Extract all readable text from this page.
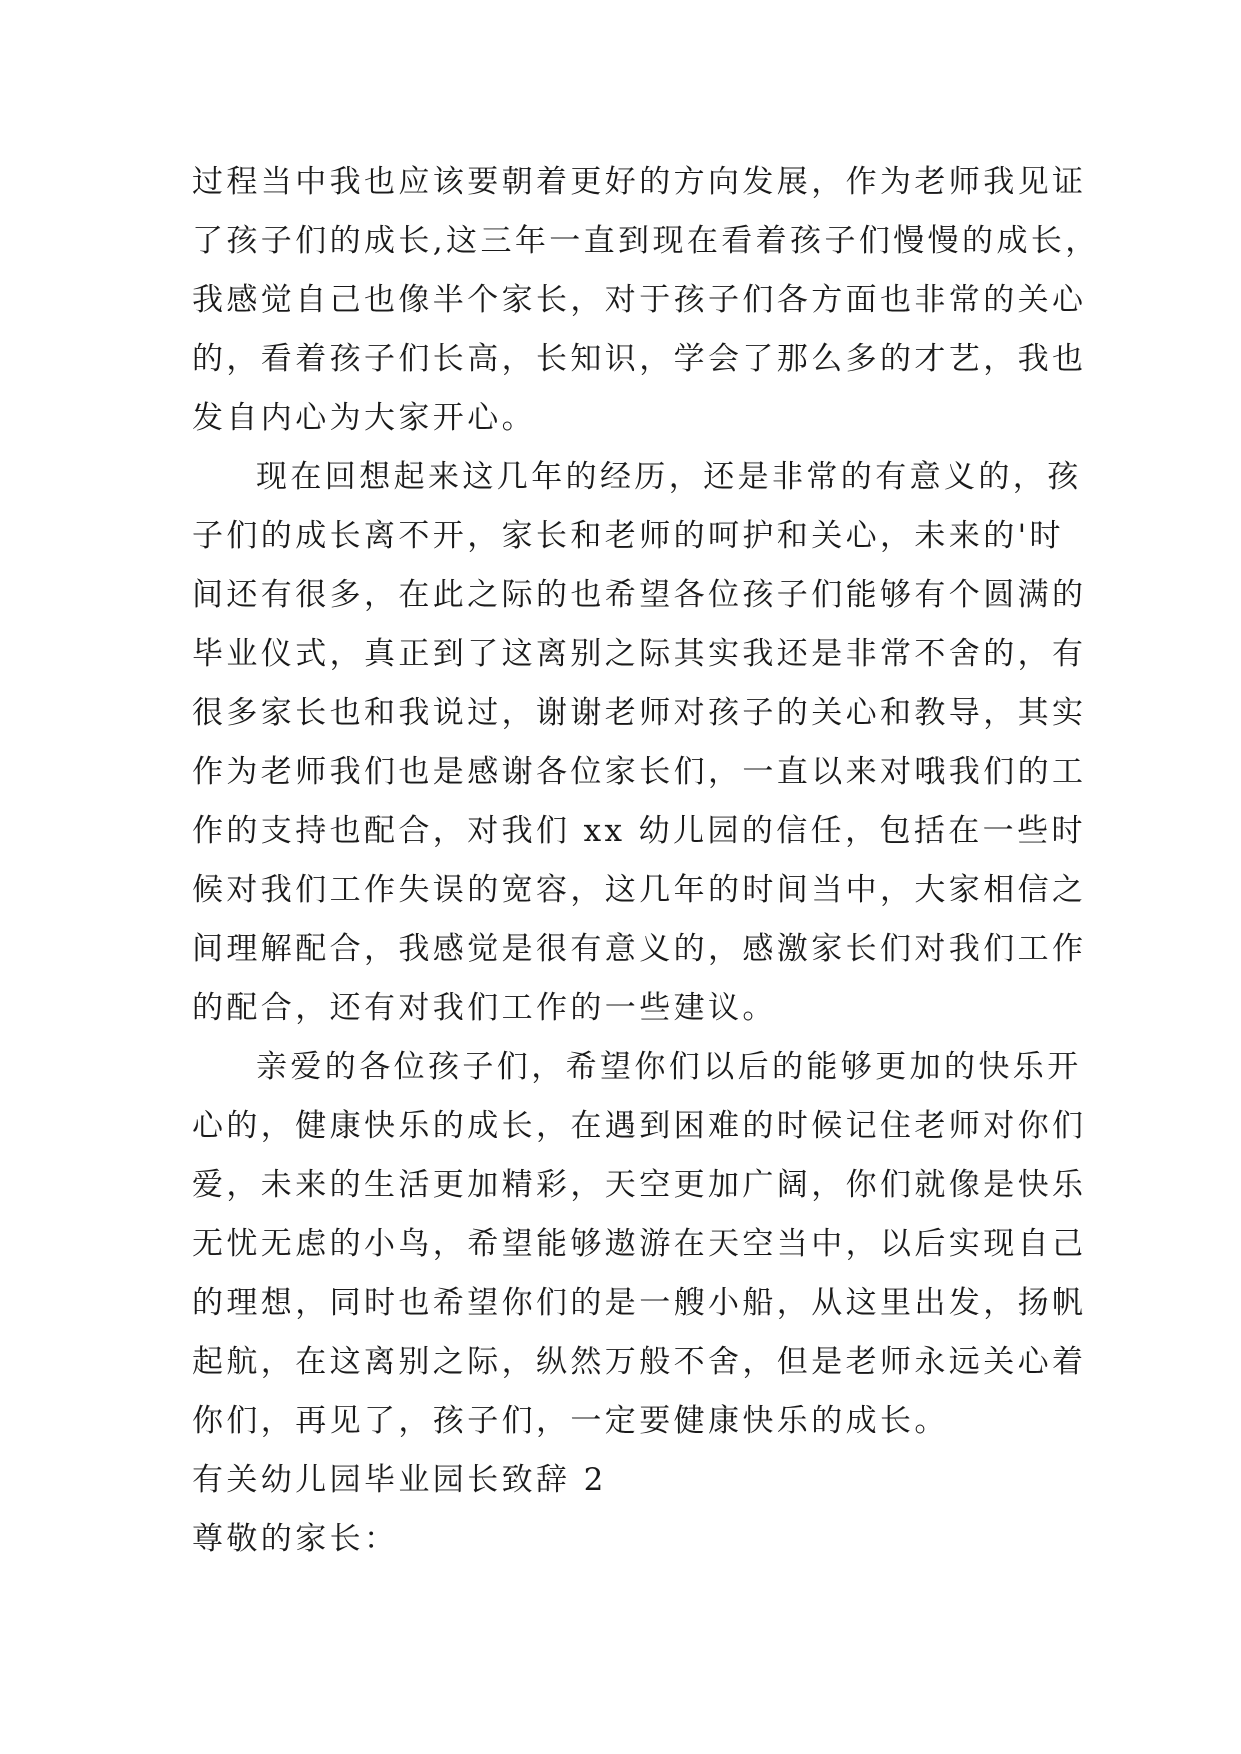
过程当中我也应该要朝着更好的方向发展，作为老师我见证
了孩子们的成长,这三年一直到现在看着孩子们慢慢的成长，
我感觉自己也像半个家长，对于孩子们各方面也非常的关心
的，看着孩子们长高，长知识，学会了那么多的才艺，我也
发自内心为大家开心。
现在回想起来这几年的经历，还是非常的有意义的，孩
子们的成长离不开，家长和老师的呵护和关心，未来的'时
间还有很多，在此之际的也希望各位孩子们能够有个圆满的
毕业仪式，真正到了这离别之际其实我还是非常不舍的，有
很多家长也和我说过，谢谢老师对孩子的关心和教导，其实
作为老师我们也是感谢各位家长们，一直以来对哦我们的工
作的支持也配合，对我们 xx 幼儿园的信任，包括在一些时
候对我们工作失误的宽容，这几年的时间当中，大家相信之
间理解配合，我感觉是很有意义的，感激家长们对我们工作
的配合，还有对我们工作的一些建议。
亲爱的各位孩子们，希望你们以后的能够更加的快乐开
心的，健康快乐的成长，在遇到困难的时候记住老师对你们
爱，未来的生活更加精彩，天空更加广阔，你们就像是快乐
无忧无虑的小鸟，希望能够遨游在天空当中，以后实现自己
的理想，同时也希望你们的是一艘小船，从这里出发，扬帆
起航，在这离别之际，纵然万般不舍，但是老师永远关心着
你们，再见了，孩子们，一定要健康快乐的成长。
有关幼儿园毕业园长致辞 2
尊敬的家长：
